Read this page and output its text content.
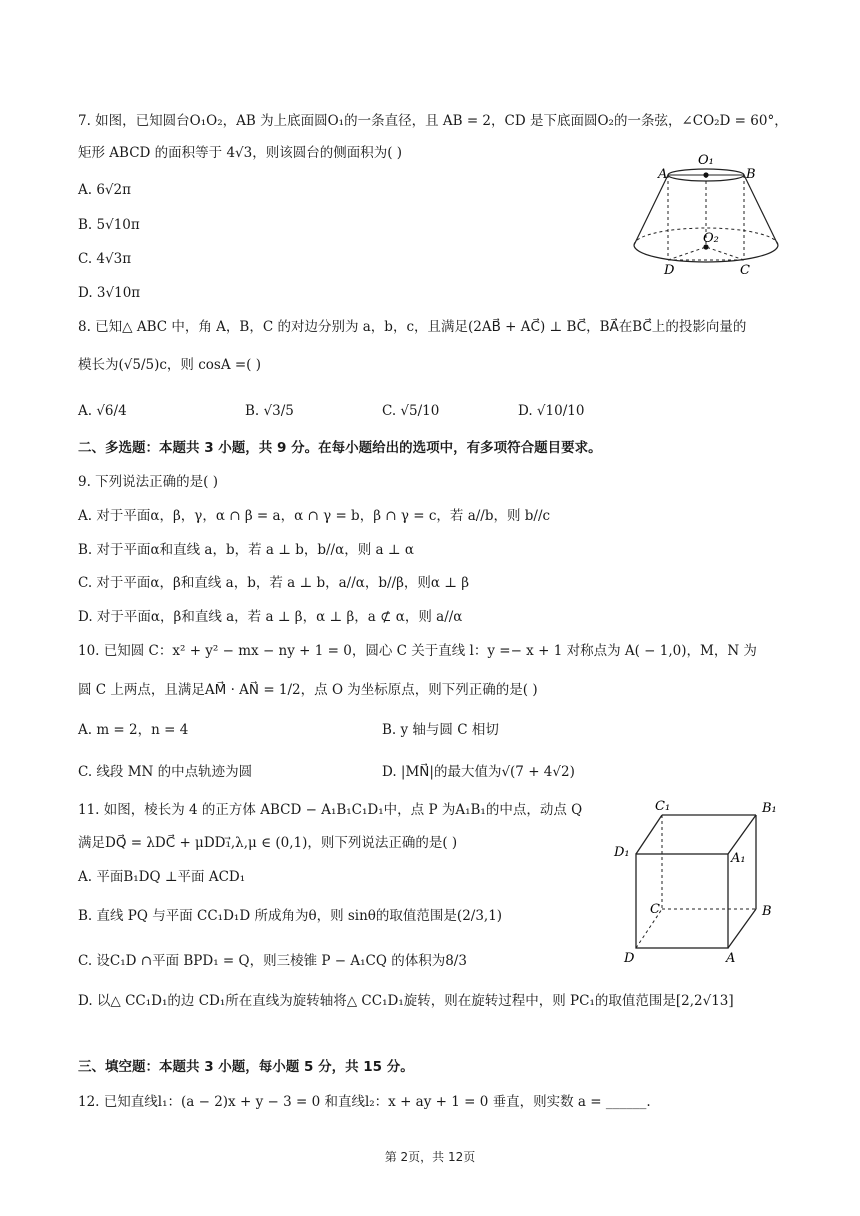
7. 如图，已知圆台O₁O₂，AB 为上底面圆O₁的一条直径，且 AB = 2，CD 是下底面圆O₂的一条弦，∠CO₂D = 60°，
矩形 ABCD 的面积等于 4√3，则该圆台的侧面积为( )
A. 6√2π
B. 5√10π
C. 4√3π
D. 3√10π
O₁
A	B
O₂
D	C
8. 已知△ ABC 中，角 A，B，C 的对边分别为 a，b，c，且满足(2AB⃗ + AC⃗) ⊥ BC⃗，BA⃗在BC⃗上的投影向量的
模长为(√5/5)c，则 cosA =( )
A. √6/4	B. √3/5	C. √5/10	D. √10/10
二、多选题：本题共 3 小题，共 9 分。在每小题给出的选项中，有多项符合题目要求。
9. 下列说法正确的是( )
A. 对于平面α，β，γ，α ∩ β = a，α ∩ γ = b，β ∩ γ = c，若 a//b，则 b//c
B. 对于平面α和直线 a，b，若 a ⊥ b，b//α，则 a ⊥ α
C. 对于平面α，β和直线 a，b，若 a ⊥ b，a//α，b//β，则α ⊥ β
D. 对于平面α，β和直线 a，若 a ⊥ β，α ⊥ β，a ⊄ α，则 a//α
10. 已知圆 C：x² + y² − mx − ny + 1 = 0，圆心 C 关于直线 l：y =− x + 1 对称点为 A( − 1,0)，M，N 为
圆 C 上两点，且满足AM⃗ · AN⃗ = 1/2，点 O 为坐标原点，则下列正确的是( )
A. m = 2，n = 4	B. y 轴与圆 C 相切
C. 线段 MN 的中点轨迹为圆	D. |MN⃗|的最大值为√(7 + 4√2)
11. 如图，棱长为 4 的正方体 ABCD − A₁B₁C₁D₁中，点 P 为A₁B₁的中点，动点 Q
满足DQ⃗ = λDC⃗ + μDD₁⃗,λ,μ ∈ (0,1)，则下列说法正确的是( )
A. 平面B₁DQ ⊥平面 ACD₁
B. 直线 PQ 与平面 CC₁D₁D 所成角为θ，则 sinθ的取值范围是(2/3,1)
C. 设C₁D ∩平面 BPD₁ = Q，则三棱锥 P − A₁CQ 的体积为8/3
D. 以△ CC₁D₁的边 CD₁所在直线为旋转轴将△ CC₁D₁旋转，则在旋转过程中，则 PC₁的取值范围是[2,2√13]
C₁	B₁
D₁	A₁
C	B
D	A
三、填空题：本题共 3 小题，每小题 5 分，共 15 分。
12. 已知直线l₁：(a − 2)x + y − 3 = 0 和直线l₂：x + ay + 1 = 0 垂直，则实数 a = ______.
第 2页，共 12页
